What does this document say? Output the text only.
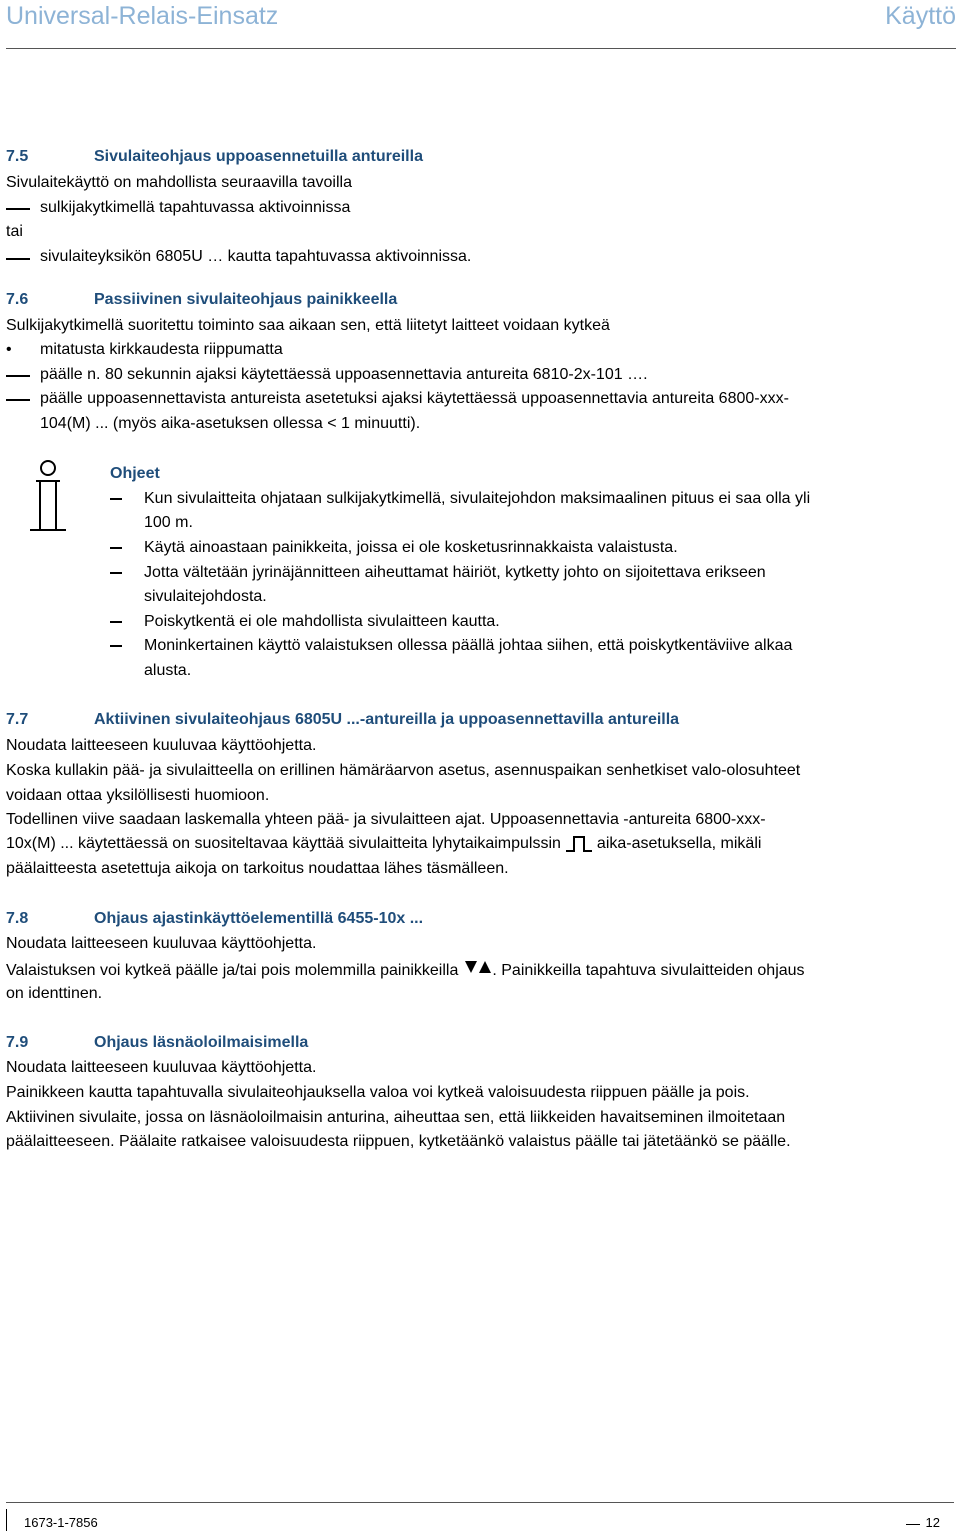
Universal-Relais-Einsatz	Käyttö
7.5	Sivulaiteohjaus uppoasennetuilla antureilla
Sivulaitekäyttö on mahdollista seuraavilla tavoilla
sulkijakytkimellä tapahtuvassa aktivoinnissa
tai
sivulaiteyksikön 6805U … kautta tapahtuvassa aktivoinnissa.
7.6	Passiivinen sivulaiteohjaus painikkeella
Sulkijakytkimellä suoritettu toiminto saa aikaan sen, että liitetyt laitteet voidaan kytkeä
• mitatusta kirkkaudesta riippumatta
päälle n. 80 sekunnin ajaksi käytettäessä uppoasennettavia antureita 6810-2x-101 ….
päälle uppoasennettavista antureista asetetuksi ajaksi käytettäessä uppoasennettavia antureita 6800-xxx-
104(M) ... (myös aika-asetuksen ollessa < 1 minuutti).
Ohjeet
Kun sivulaitteita ohjataan sulkijakytkimellä, sivulaitejohdon maksimaalinen pituus ei saa olla yli
100 m.
Käytä ainoastaan painikkeita, joissa ei ole kosketusrinnakkaista valaistusta.
Jotta vältetään jyrinäjännitteen aiheuttamat häiriöt, kytketty johto on sijoitettava erikseen
sivulaitejohdosta.
Poiskytkentä ei ole mahdollista sivulaitteen kautta.
Moninkertainen käyttö valaistuksen ollessa päällä johtaa siihen, että poiskytkentäviive alkaa
alusta.
7.7	Aktiivinen sivulaiteohjaus 6805U ...-antureilla ja uppoasennettavilla antureilla
Noudata laitteeseen kuuluvaa käyttöohjetta.
Koska kullakin pää- ja sivulaitteella on erillinen hämäräarvon asetus, asennuspaikan senhetkiset valo-olosuhteet
voidaan ottaa yksilöllisesti huomioon.
Todellinen viive saadaan laskemalla yhteen pää- ja sivulaitteen ajat. Uppoasennettavia -antureita 6800-xxx-
10x(M) ... käytettäessä on suositeltavaa käyttää sivulaitteita lyhytaikaimpulssin aika-asetuksella, mikäli
päälaitteesta asetettuja aikoja on tarkoitus noudattaa lähes täsmälleen.
7.8	Ohjaus ajastinkäyttöelementillä 6455-10x ...
Noudata laitteeseen kuuluvaa käyttöohjetta.
Valaistuksen voi kytkeä päälle ja/tai pois molemmilla painikkeilla . Painikkeilla tapahtuva sivulaitteiden ohjaus
on identtinen.
7.9	Ohjaus läsnäoloilmaisimella
Noudata laitteeseen kuuluvaa käyttöohjetta.
Painikkeen kautta tapahtuvalla sivulaiteohjauksella valoa voi kytkeä valoisuudesta riippuen päälle ja pois.
Aktiivinen sivulaite, jossa on läsnäoloilmaisin anturina, aiheuttaa sen, että liikkeiden havaitseminen ilmoitetaan
päälaitteeseen. Päälaite ratkaisee valoisuudesta riippuen, kytketäänkö valaistus päälle tai jätetäänkö se päälle.
1673-1-7856	12
